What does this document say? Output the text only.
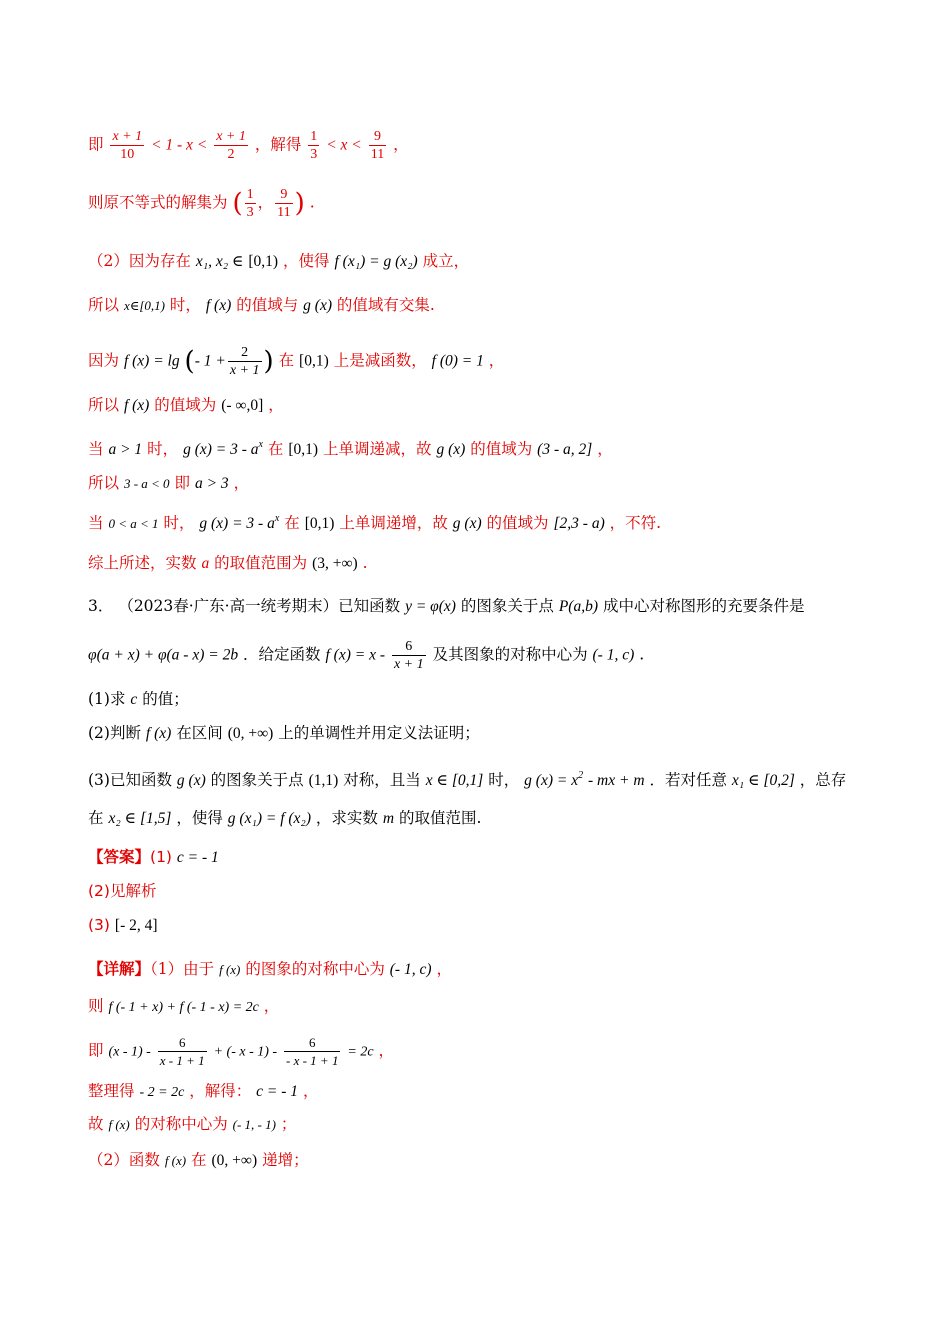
即 $\frac{x + 1}{10} < 1 - x < \frac{x + 1}{2}$ ，解得 $\frac{1}{3} < x < \frac{9}{11}$ ，
则原不等式的解集为 ( $\frac{1}{3}$ ， $\frac{9}{11}$ ) .
（2）因为存在 x₁, x₂ ∈ [0,1) ，使得 f (x₁) = g (x₂) 成立，
所以 x∈[0,1) 时， f (x) 的值域与 g (x) 的值域有交集.
因为 f (x) = lg (- $1 + \frac{2}{x + 1}$ ) 在 [0,1) 上是减函数， f (0) = 1 ，
所以 f (x) 的值域为 (- ∞,0] ，
当 a > 1 时， g $(x) = 3 - a^x$ 在 [0,1) 上单调递减，故 g (x) 的值域为 (3 - a, 2] ，
所以 3 - a < 0 即 a > 3 ，
当 0 < a < 1 时， g $(x) = 3 - a^x$ 在 [0,1) 上单调递增，故 g (x) 的值域为 [2,3 - a) ，不符.
综上所述，实数 a 的取值范围为 (3, +∞) .
3． （2023春·广东·高一统考期末）已知函数 y = φ(x) 的图象关于点 P(a,b) 成中心对称图形的充要条件是
φ(a + x) + φ(a - x) = 2b ．给定函数 f $(x) = x - \frac{6}{x + 1}$ 及其图象的对称中心为 (- 1, c) .
(1)求 c 的值；
(2)判断 f (x) 在区间 (0, +∞) 上的单调性并用定义法证明；
(3)已知函数 g (x) 的图象关于点 (1,1) 对称，且当 x ∈ [0,1] 时， g $(x) = x^2$ - mx + m ．若对任意 x₁ ∈ [0,2] ，总存
在 x₂ ∈ [1,5] ，使得 g (x₁) = f (x₂) ，求实数 m 的取值范围.
【答案】(1) c = - 1
(2)见解析
(3) [- 2, 4]
【详解】（1）由于 f (x) 的图象的对称中心为 (- 1, c) ，
则 f (- 1 + x) + f (- 1 - x) = 2c ，
即 $(x - 1) - \frac{6}{x - 1 + 1}$ + (- $x - 1) - \frac{6}{- x - 1 + 1} = 2c$ ，
整理得 - 2 = 2c ，解得： c = - 1 ，
故 f (x) 的对称中心为 (- 1, - 1) ；
（2）函数 f (x) 在 (0, +∞) 递增；
